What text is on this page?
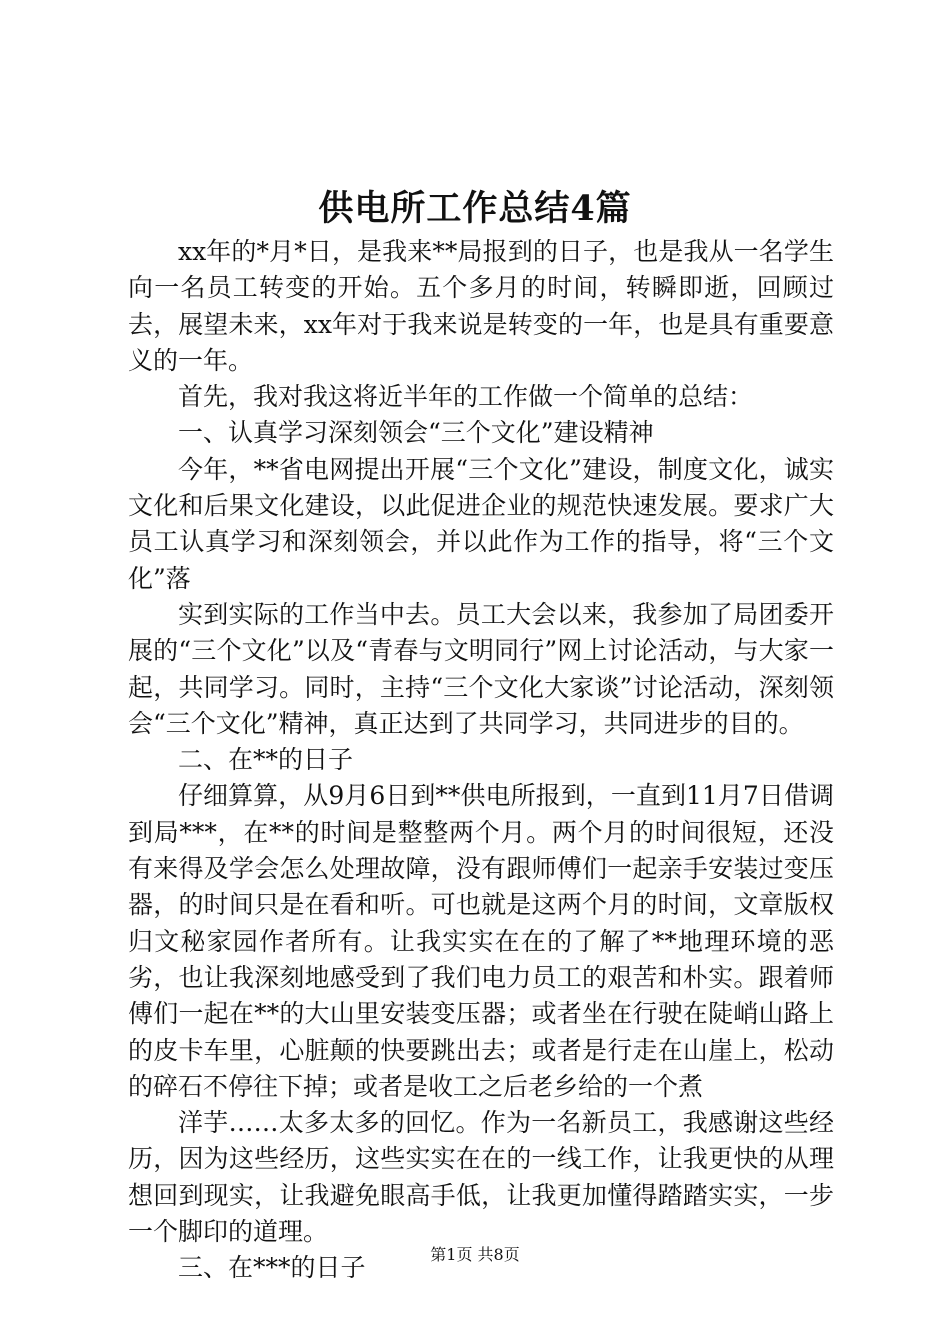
供电所工作总结4篇

xx年的*月*日，是我来**局报到的日子，也是我从一名学生向一名员工转变的开始。五个多月的时间，转瞬即逝，回顾过去，展望未来，xx年对于我来说是转变的一年，也是具有重要意义的一年。

首先，我对我这将近半年的工作做一个简单的总结：

一、认真学习深刻领会“三个文化”建设精神

今年，**省电网提出开展“三个文化”建设，制度文化，诚实文化和后果文化建设，以此促进企业的规范快速发展。要求广大员工认真学习和深刻领会，并以此作为工作的指导，将“三个文化”落

实到实际的工作当中去。员工大会以来，我参加了局团委开展的“三个文化”以及“青春与文明同行”网上讨论活动，与大家一起，共同学习。同时，主持“三个文化大家谈”讨论活动，深刻领会“三个文化”精神，真正达到了共同学习，共同进步的目的。

二、在**的日子

仔细算算，从9月6日到**供电所报到，一直到11月7日借调到局***，在**的时间是整整两个月。两个月的时间很短，还没有来得及学会怎么处理故障，没有跟师傅们一起亲手安装过变压器，的时间只是在看和听。可也就是这两个月的时间，文章版权归文秘家园作者所有。让我实实在在的了解了**地理环境的恶劣，也让我深刻地感受到了我们电力员工的艰苦和朴实。跟着师傅们一起在**的大山里安装变压器；或者坐在行驶在陡峭山路上的皮卡车里，心脏颠的快要跳出去；或者是行走在山崖上，松动的碎石不停往下掉；或者是收工之后老乡给的一个煮

洋芋……太多太多的回忆。作为一名新员工，我感谢这些经历，因为这些经历，这些实实在在的一线工作，让我更快的从理想回到现实，让我避免眼高手低，让我更加懂得踏踏实实，一步一个脚印的道理。

三、在***的日子	第1页 共8页
